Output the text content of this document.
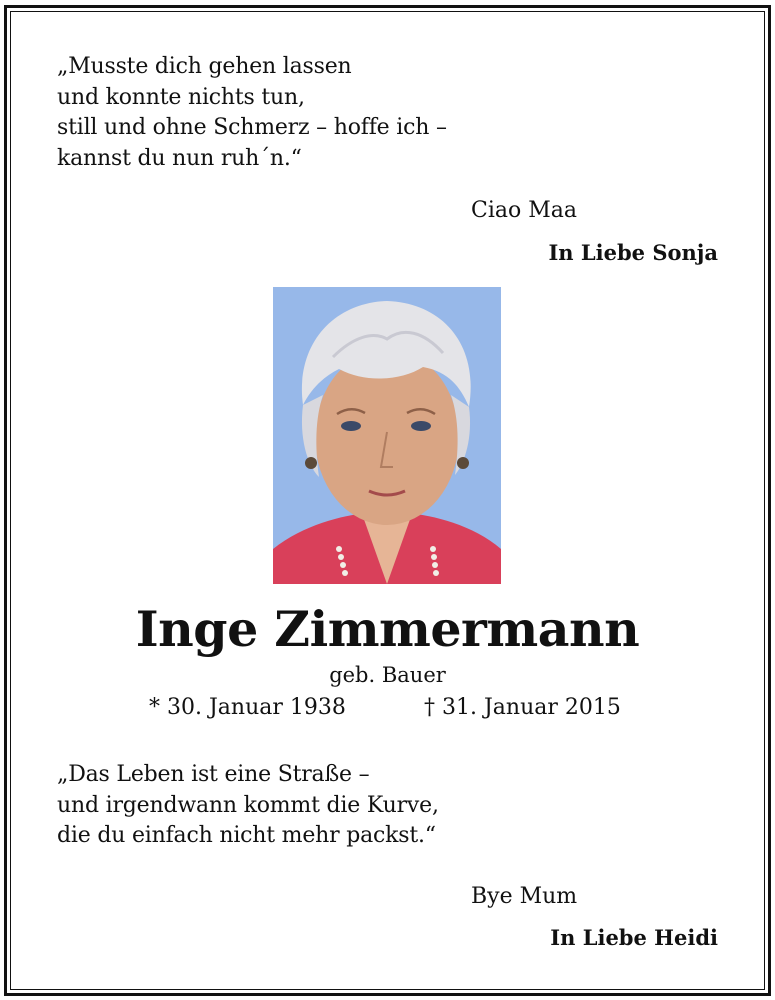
„Musste dich gehen lassen
und konnte nichts tun,
still und ohne Schmerz – hoffe ich –
kannst du nun ruh´n.“
Ciao Maa
In Liebe Sonja
Inge Zimmermann
geb. Bauer
* 30. Januar 1938	† 31. Januar 2015
„Das Leben ist eine Straße –
und irgendwann kommt die Kurve,
die du einfach nicht mehr packst.“
Bye Mum
In Liebe Heidi
